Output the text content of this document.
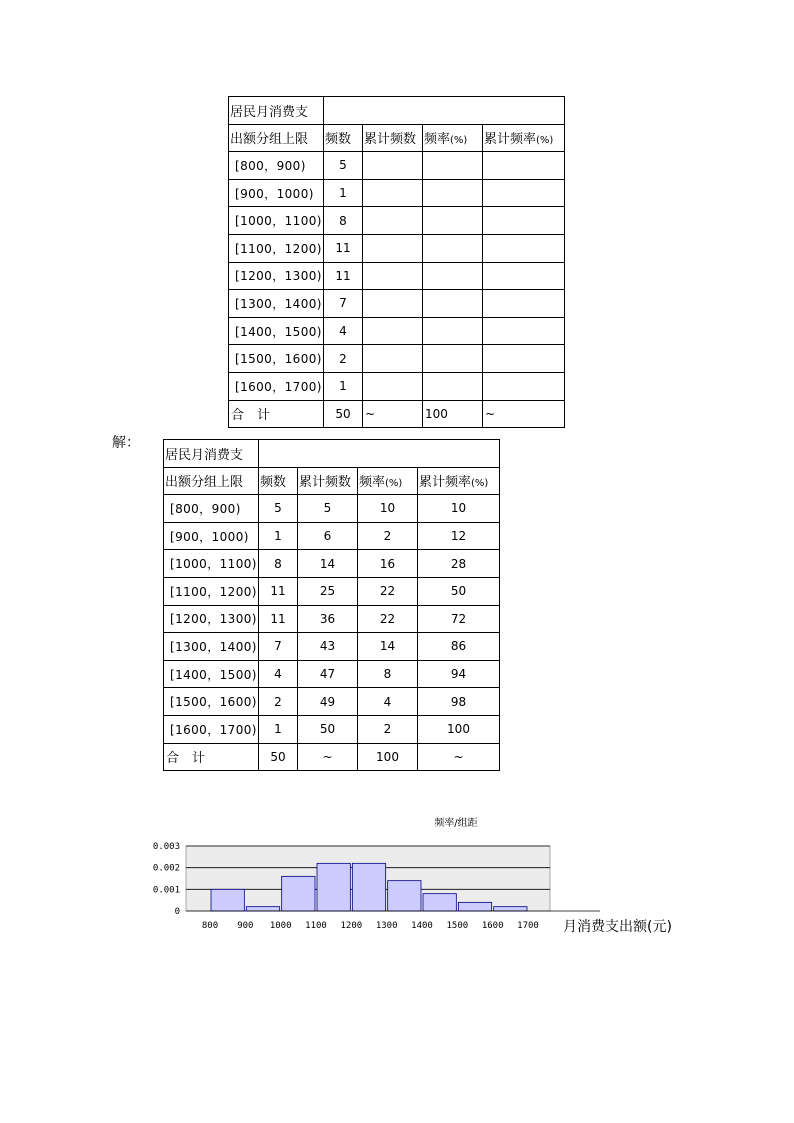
居民月消费支				
出额分组上限	频数	累计频数	频率(%)	累计频率(%)
[800，900)	5			
[900，1000)	1			
[1000，1100)	8			
[1100，1200)	11			
[1200，1300)	11			
[1300，1400)	7			
[1400，1500)	4			
[1500，1600)	2			
[1600，1700)	1			
合　计	50	~	100	~
解：
居民月消费支				
出额分组上限	频数	累计频数	频率(%)	累计频率(%)
[800，900)	5	5	10	10
[900，1000)	1	6	2	12
[1000，1100)	8	14	16	28
[1100，1200)	11	25	22	50
[1200，1300)	11	36	22	72
[1300，1400)	7	43	14	86
[1400，1500)	4	47	8	94
[1500，1600)	2	49	4	98
[1600，1700)	1	50	2	100
合　计	50	~	100	~
0
0.001
0.002
0.003
800 900 1000 1100 1200 1300 1400 1500 1600 1700
频率/组距
月消费支出额(元)
